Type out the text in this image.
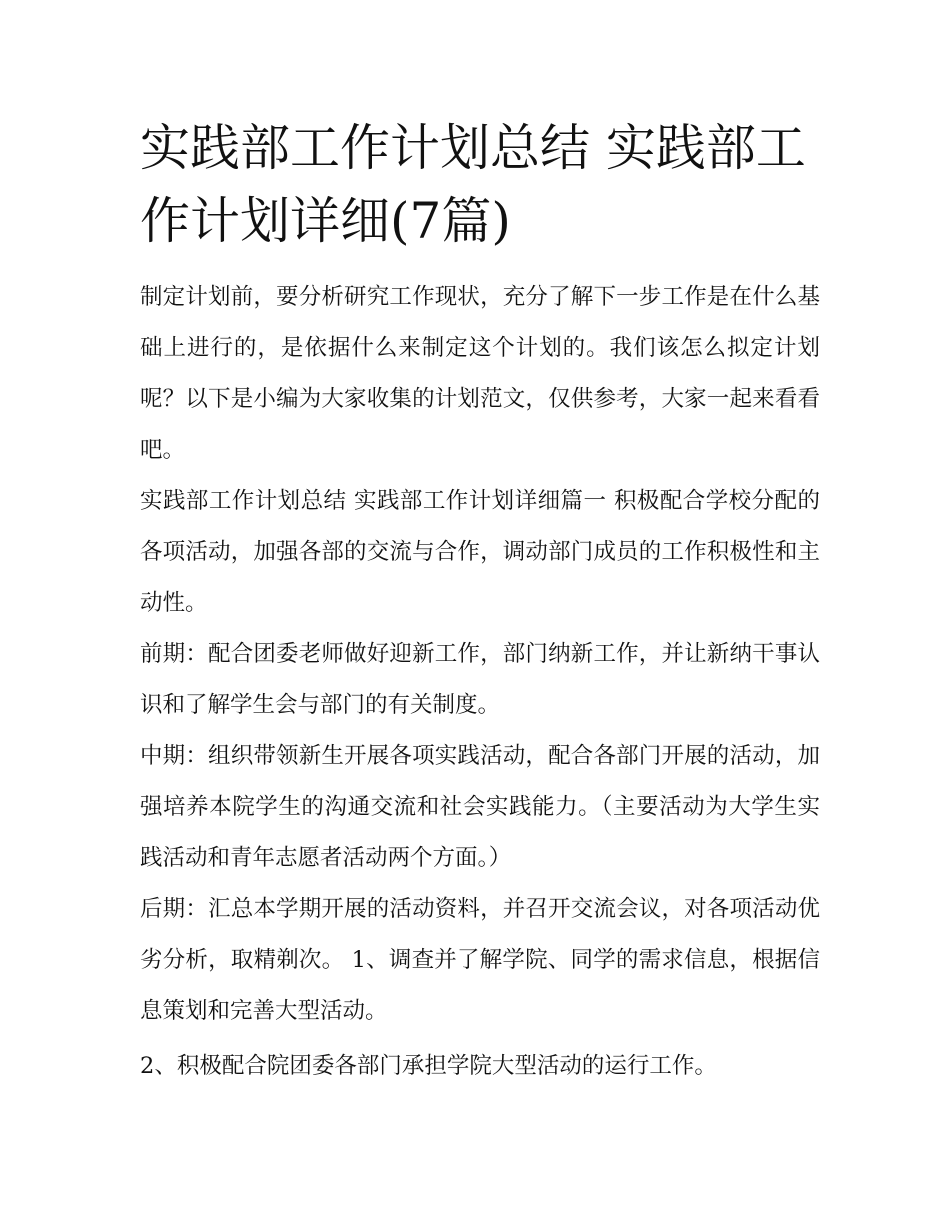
实践部工作计划总结 实践部工作计划详细(7篇)

制定计划前，要分析研究工作现状，充分了解下一步工作是在什么基础上进行的，是依据什么来制定这个计划的。我们该怎么拟定计划呢？以下是小编为大家收集的计划范文，仅供参考，大家一起来看看吧。

实践部工作计划总结 实践部工作计划详细篇一 积极配合学校分配的各项活动，加强各部的交流与合作，调动部门成员的工作积极性和主动性。

前期：配合团委老师做好迎新工作，部门纳新工作，并让新纳干事认识和了解学生会与部门的有关制度。

中期：组织带领新生开展各项实践活动，配合各部门开展的活动，加强培养本院学生的沟通交流和社会实践能力。（主要活动为大学生实践活动和青年志愿者活动两个方面。）

后期：汇总本学期开展的活动资料，并召开交流会议，对各项活动优劣分析，取精剃次。 1、调查并了解学院、同学的需求信息，根据信息策划和完善大型活动。

2、积极配合院团委各部门承担学院大型活动的运行工作。
